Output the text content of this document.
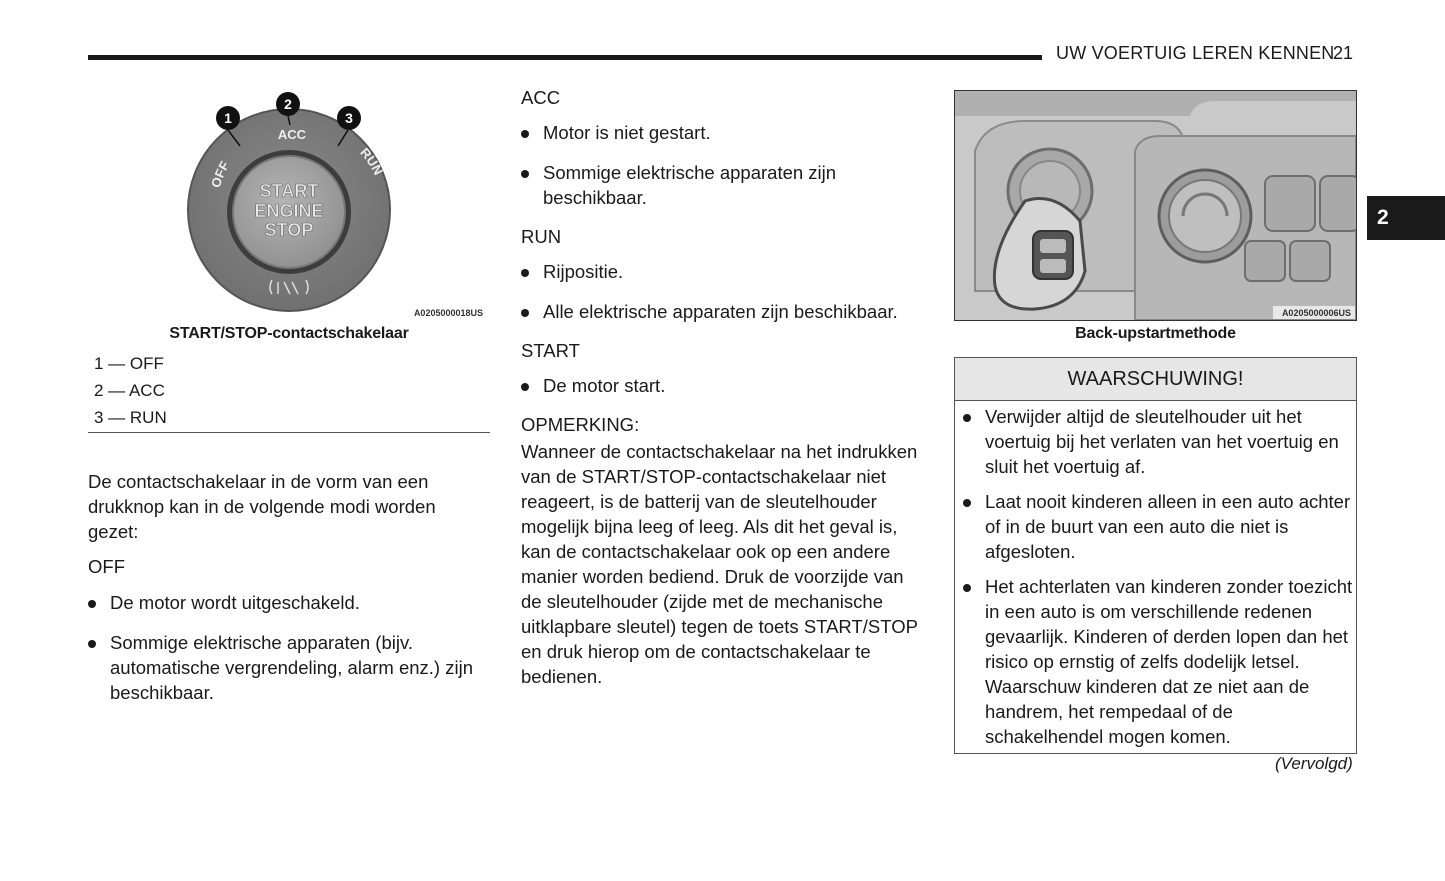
UW VOERTUIG LEREN KENNEN
21
2
OFF
ACC
RUN
START
ENGINE
STOP
1
2
3
A0205000018US
START/STOP-contactschakelaar
1 — OFF
2 — ACC
3 — RUN
De contactschakelaar in de vorm van een drukknop kan in de volgende modi worden gezet:
OFF
De motor wordt uitgeschakeld.
Sommige elektrische apparaten (bijv. automatische vergrendeling, alarm enz.) zijn beschikbaar.
ACC
Motor is niet gestart.
Sommige elektrische apparaten zijn beschikbaar.
RUN
Rijpositie.
Alle elektrische apparaten zijn beschikbaar.
START
De motor start.
OPMERKING:
Wanneer de contactschakelaar na het indrukken van de START/STOP-contactschakelaar niet reageert, is de batterij van de sleutelhouder mogelijk bijna leeg of leeg. Als dit het geval is, kan de contactschakelaar ook op een andere manier worden bediend. Druk de voorzijde van de sleutelhouder (zijde met de mechanische uitklapbare sleutel) tegen de toets START/STOP en druk hierop om de contactschakelaar te bedienen.
A0205000006US
Back-upstartmethode
WAARSCHUWING!
Verwijder altijd de sleutelhouder uit het voertuig bij het verlaten van het voertuig en sluit het voertuig af.
Laat nooit kinderen alleen in een auto achter of in de buurt van een auto die niet is afgesloten.
Het achterlaten van kinderen zonder toezicht in een auto is om verschillende redenen gevaarlijk. Kinderen of derden lopen dan het risico op ernstig of zelfs dodelijk letsel. Waarschuw kinderen dat ze niet aan de handrem, het rempedaal of de schakelhendel mogen komen.
(Vervolgd)
